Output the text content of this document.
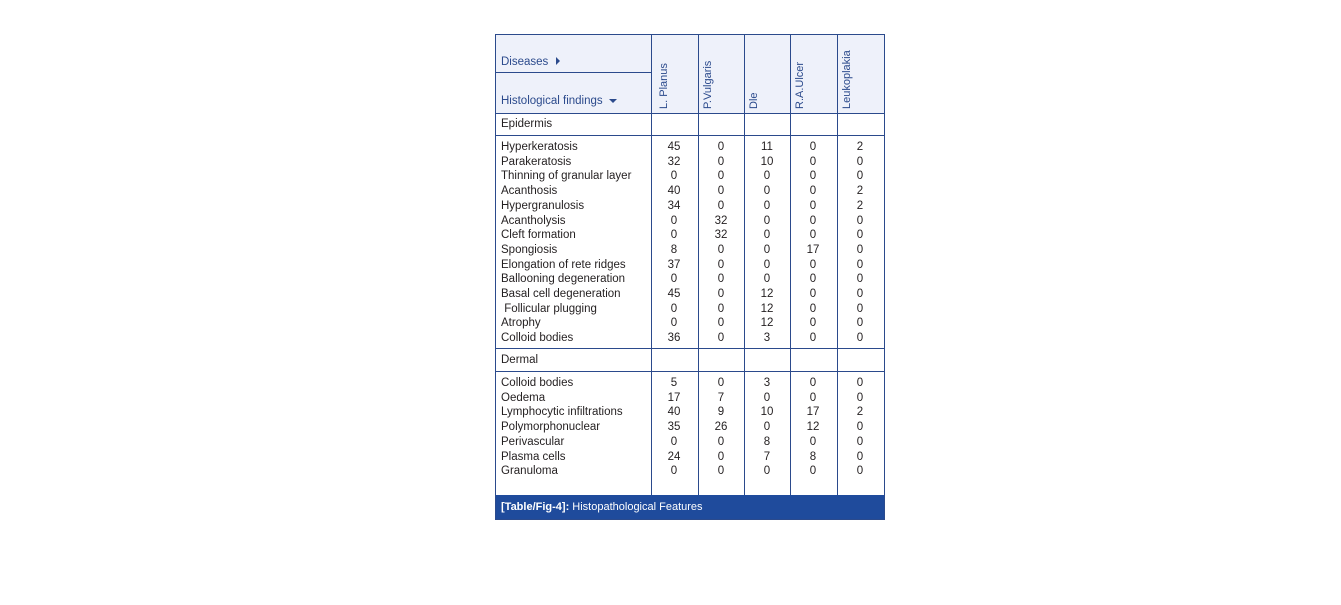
Diseases
Histological findings	L. Planus	P.Vulgaris	Dle	R.A.Ulcer	Leukoplakia
Epidermis
Hyperkeratosis	45	0	11	0	2
Parakeratosis	32	0	10	0	0
Thinning of granular layer	0	0	0	0	0
Acanthosis	40	0	0	0	2
Hypergranulosis	34	0	0	0	2
Acantholysis	0	32	0	0	0
Cleft formation	0	32	0	0	0
Spongiosis	8	0	0	17	0
Elongation of rete ridges	37	0	0	0	0
Ballooning degeneration	0	0	0	0	0
Basal cell degeneration	45	0	12	0	0
Follicular plugging	0	0	12	0	0
Atrophy	0	0	12	0	0
Colloid bodies	36	0	3	0	0
Dermal
Colloid bodies	5	0	3	0	0
Oedema	17	7	0	0	0
Lymphocytic infiltrations	40	9	10	17	2
Polymorphonuclear	35	26	0	12	0
Perivascular	0	0	8	0	0
Plasma cells	24	0	7	8	0
Granuloma	0	0	0	0	0
[Table/Fig-4]: Histopathological Features
